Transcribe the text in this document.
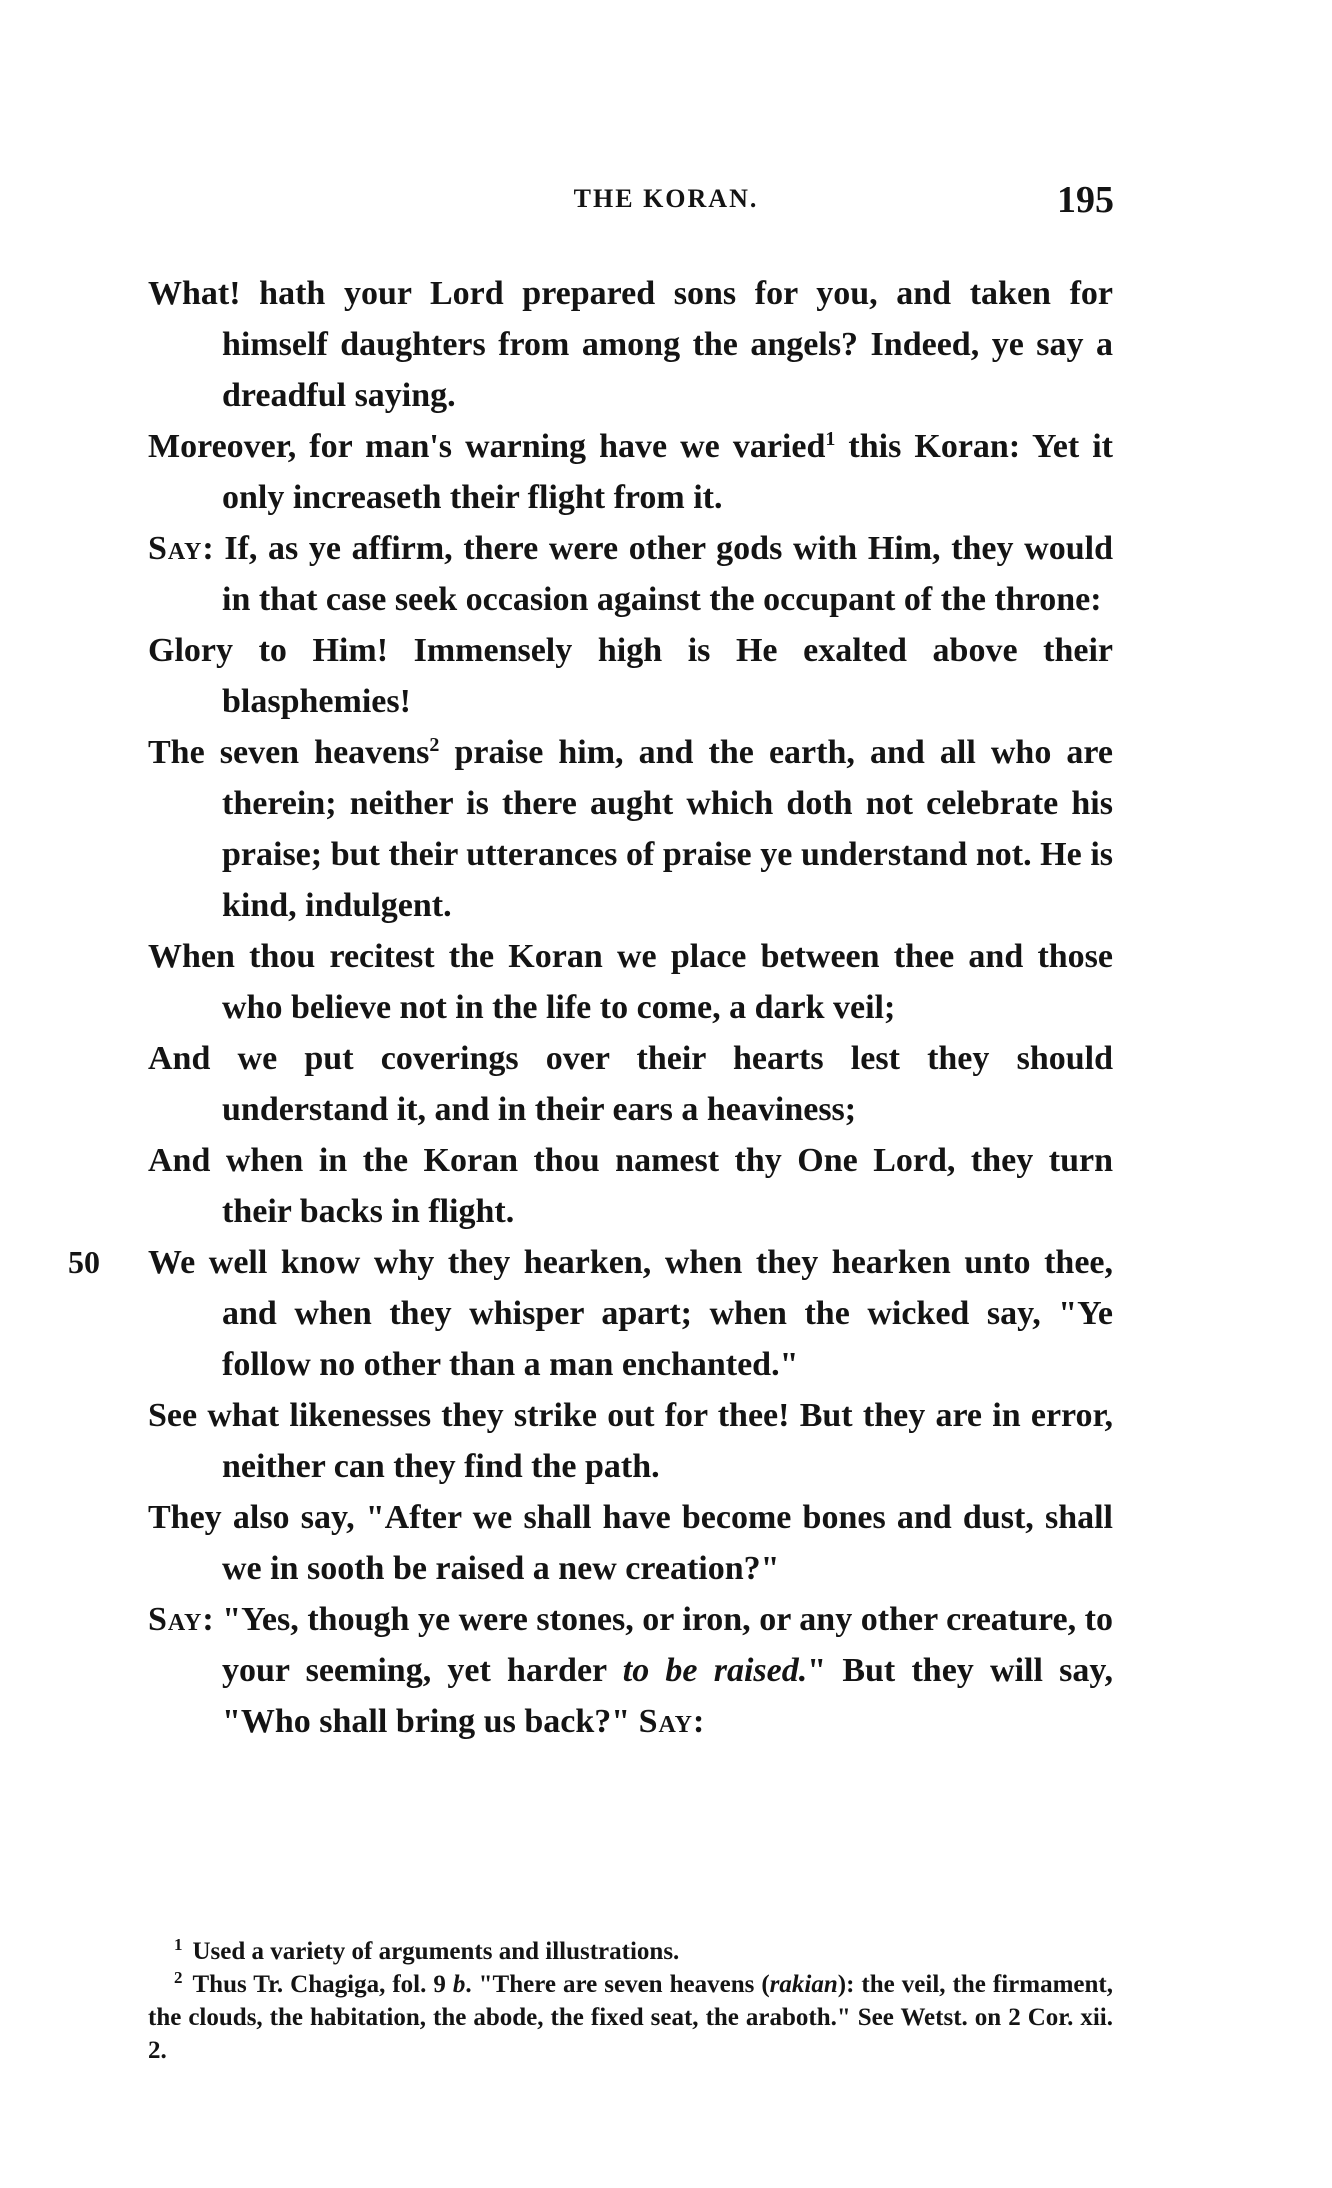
THE KORAN.	195

What! hath your Lord prepared sons for you, and taken for himself daughters from among the angels? Indeed, ye say a dreadful saying.

Moreover, for man's warning have we varied$^1$ this Koran: Yet it only increaseth their flight from it.

Say: If, as ye affirm, there were other gods with Him, they would in that case seek occasion against the occupant of the throne:

Glory to Him! Immensely high is He exalted above their blasphemies!

The seven heavens$^2$ praise him, and the earth, and all who are therein; neither is there aught which doth not celebrate his praise; but their utterances of praise ye understand not. He is kind, indulgent.

When thou recitest the Koran we place between thee and those who believe not in the life to come, a dark veil;

And we put coverings over their hearts lest they should understand it, and in their ears a heaviness;

And when in the Koran thou namest thy One Lord, they turn their backs in flight.

50 We well know why they hearken, when they hearken unto thee, and when they whisper apart; when the wicked say, "Ye follow no other than a man enchanted."

See what likenesses they strike out for thee! But they are in error, neither can they find the path.

They also say, "After we shall have become bones and dust, shall we in sooth be raised a new creation?"

Say: "Yes, though ye were stones, or iron, or any other creature, to your seeming, yet harder to be raised." But they will say, "Who shall bring us back?" Say:

$^1$ Used a variety of arguments and illustrations.

$^2$ Thus Tr. Chagiga, fol. 9 b. "There are seven heavens (rakian): the veil, the firmament, the clouds, the habitation, the abode, the fixed seat, the araboth." See Wetst. on 2 Cor. xii. 2.
